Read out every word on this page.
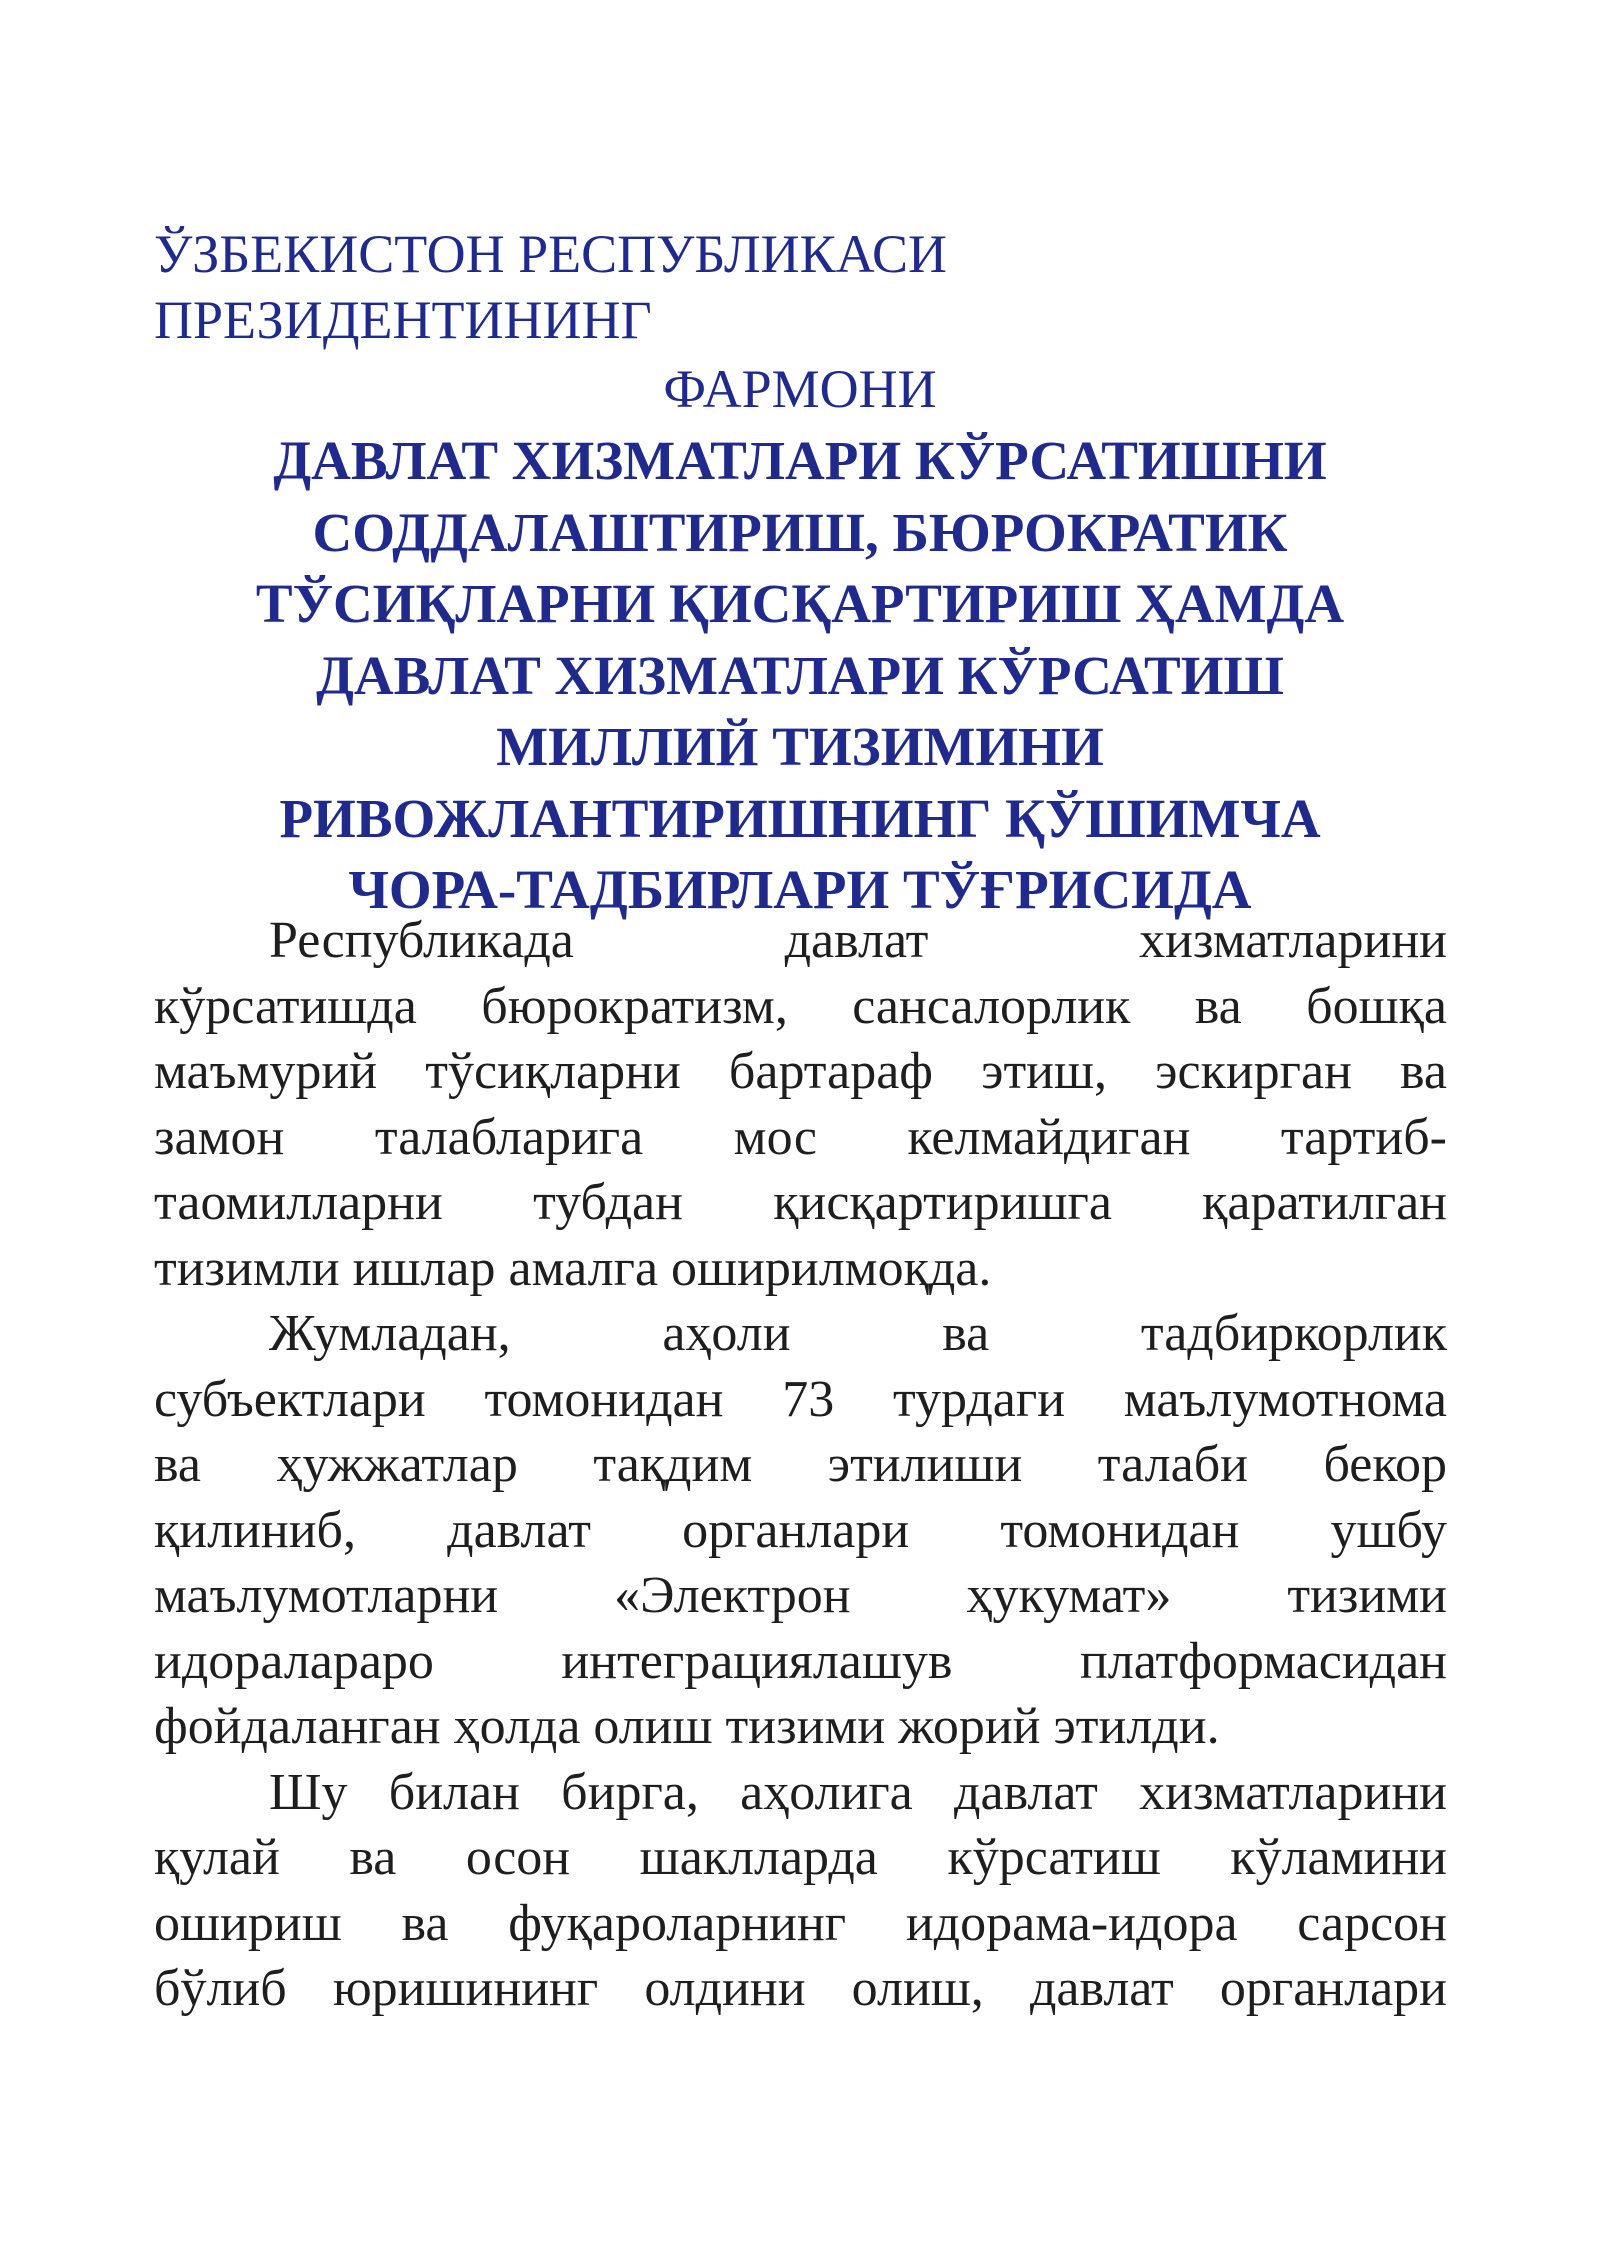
ЎЗБЕКИСТОН РЕСПУБЛИКАСИ
ПРЕЗИДЕНТИНИНГ
ФАРМОНИ
ДАВЛАТ ХИЗМАТЛАРИ КЎРСАТИШНИ
СОДДАЛАШТИРИШ, БЮРОКРАТИК
ТЎСИҚЛАРНИ ҚИСҚАРТИРИШ ҲАМДА
ДАВЛАТ ХИЗМАТЛАРИ КЎРСАТИШ
МИЛЛИЙ ТИЗИМИНИ
РИВОЖЛАНТИРИШНИНГ ҚЎШИМЧА
ЧОРА-ТАДБИРЛАРИ ТЎҒРИСИДА
Республикада давлат хизматларини
кўрсатишда бюрократизм, сансалорлик ва бошқа
маъмурий тўсиқларни бартараф этиш, эскирган ва
замон талабларига мос келмайдиган тартиб-
таомилларни тубдан қисқартиришга қаратилган
тизимли ишлар амалга оширилмоқда.
Жумладан, аҳоли ва тадбиркорлик
субъектлари томонидан 73 турдаги маълумотнома
ва ҳужжатлар тақдим этилиши талаби бекор
қилиниб, давлат органлари томонидан ушбу
маълумотларни «Электрон ҳукумат» тизими
идоралараро интеграциялашув платформасидан
фойдаланган ҳолда олиш тизими жорий этилди.
Шу билан бирга, аҳолига давлат хизматларини
қулай ва осон шаклларда кўрсатиш кўламини
ошириш ва фуқароларнинг идорама-идора сарсон
бўлиб юришининг олдини олиш, давлат органлари
